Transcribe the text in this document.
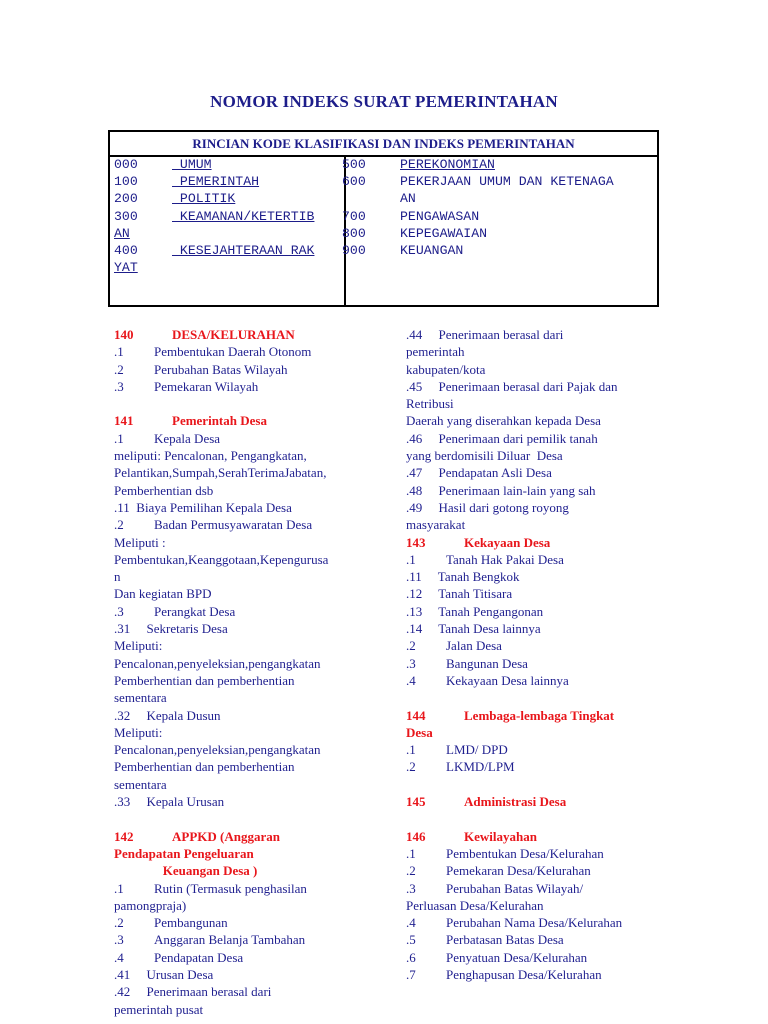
NOMOR INDEKS SURAT PEMERINTAHAN
RINCIAN KODE KLASIFIKASI DAN INDEKS PEMERINTAHAN
000	UMUM
100	PEMERINTAH
200	POLITIK
300	KEAMANAN/KETERTIB
AN
400	KESEJAHTERAAN RAK
YAT
500	PEREKONOMIAN
600	PEKERJAAN UMUM DAN KETENAGA
AN
700	PENGAWASAN
800	KEPEGAWAIAN
900	KEUANGAN
140	DESA/KELURAHAN
.1 Pembentukan Daerah Otonom
.2 Perubahan Batas Wilayah
.3 Pemekaran Wilayah
141	Pemerintah Desa
.1 Kepala Desa
meliputi: Pencalonan, Pengangkatan,
Pelantikan,Sumpah,SerahTerimaJabatan,
Pemberhentian dsb
.11  Biaya Pemilihan Kepala Desa
.2 Badan Permusyawaratan Desa
Meliputi :
Pembentukan,Keanggotaan,Kepengurusa
n
Dan kegiatan BPD
.3 Perangkat Desa
.31     Sekretaris Desa
Meliputi:
Pencalonan,penyeleksian,pengangkatan
Pemberhentian dan pemberhentian
sementara
.32     Kepala Dusun
Meliputi:
Pencalonan,penyeleksian,pengangkatan
Pemberhentian dan pemberhentian
sementara
.33     Kepala Urusan
142	APPKD (Anggaran
Pendapatan Pengeluaran
Keuangan Desa )
.1 Rutin (Termasuk penghasilan
pamongpraja)
.2 Pembangunan
.3 Anggaran Belanja Tambahan
.4 Pendapatan Desa
.41     Urusan Desa
.42     Penerimaan berasal dari
pemerintah pusat
.44     Penerimaan berasal dari
pemerintah
kabupaten/kota
.45     Penerimaan berasal dari Pajak dan
Retribusi
Daerah yang diserahkan kepada Desa
.46     Penerimaan dari pemilik tanah
yang berdomisili Diluar  Desa
.47     Pendapatan Asli Desa
.48     Penerimaan lain-lain yang sah
.49     Hasil dari gotong royong
masyarakat
143	Kekayaan Desa
.1 Tanah Hak Pakai Desa
.11     Tanah Bengkok
.12     Tanah Titisara
.13     Tanah Pengangonan
.14     Tanah Desa lainnya
.2 Jalan Desa
.3 Bangunan Desa
.4 Kekayaan Desa lainnya
144	Lembaga-lembaga Tingkat
Desa
.1 LMD/ DPD
.2 LKMD/LPM
145	Administrasi Desa
146	Kewilayahan
.1 Pembentukan Desa/Kelurahan
.2 Pemekaran Desa/Kelurahan
.3 Perubahan Batas Wilayah/
Perluasan Desa/Kelurahan
.4 Perubahan Nama Desa/Kelurahan
.5 Perbatasan Batas Desa
.6 Penyatuan Desa/Kelurahan
.7 Penghapusan Desa/Kelurahan
